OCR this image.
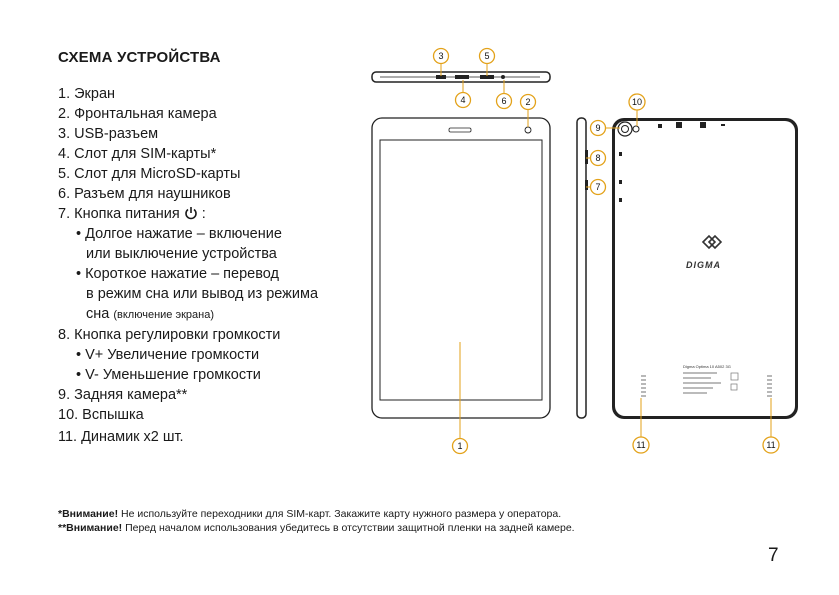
СХЕМА УСТРОЙСТВА
1. Экран
2. Фронтальная камера
3. USB-разъем
4. Слот для SIM-карты*
5. Слот для MicroSD-карты
6. Разъем для наушников
7. Кнопка питания :
• Долгое нажатие – включение
или выключение устройства
• Короткое нажатие – перевод
в режим сна или вывод из режима
сна (включение экрана)
8. Кнопка регулировки громкости
• V+ Увеличение громкости
• V- Уменьшение громкости
9. Задняя камера**
10. Вспышка
11. Динамик х2 шт.
DIGMA
Digma Optima 10 A502 3G
1
2
3
4
5
6
7
8
9
10
11	11
*Внимание! Не используйте переходники для SIM-карт. Закажите карту нужного размера у оператора.
**Внимание! Перед началом использования убедитесь в отсутствии защитной пленки на задней камере.
7
